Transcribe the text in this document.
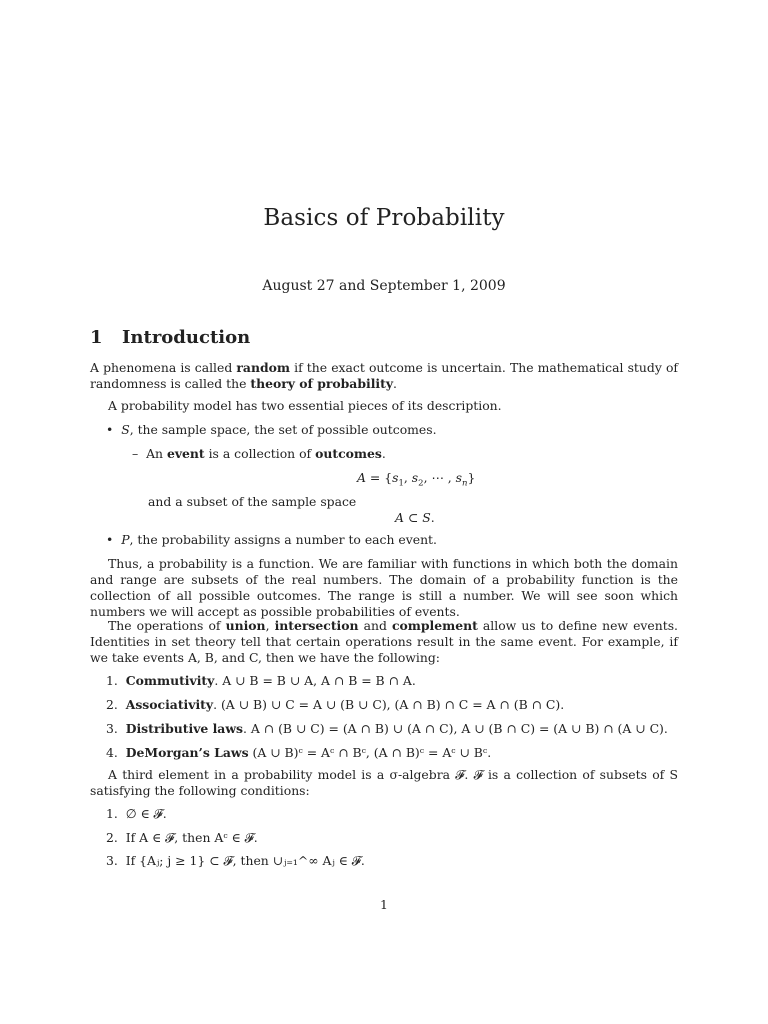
Basics of Probability
August 27 and September 1, 2009
1 Introduction
A phenomena is called random if the exact outcome is uncertain. The mathematical study of randomness is called the theory of probability.
A probability model has two essential pieces of its description.
•  S, the sample space, the set of possible outcomes.
–  An event is a collection of outcomes.
$A = \{s_1$, $s_2$, ⋯ , $s_n$}
and a subset of the sample space
A ⊂ S.
•  P, the probability assigns a number to each event.
Thus, a probability is a function. We are familiar with functions in which both the domain and range are subsets of the real numbers. The domain of a probability function is the collection of all possible outcomes. The range is still a number. We will see soon which numbers we will accept as possible probabilities of events.
The operations of union, intersection and complement allow us to define new events. Identities in set theory tell that certain operations result in the same event. For example, if we take events A, B, and C, then we have the following:
1. Commutivity. A ∪ B = B ∪ A, A ∩ B = B ∩ A.
2. Associativity. (A ∪ B) ∪ C = A ∪ (B ∪ C), (A ∩ B) ∩ C = A ∩ (B ∩ C).
3. Distributive laws. A ∩ (B ∪ C) = (A ∩ B) ∪ (A ∩ C), A ∪ (B ∩ C) = (A ∪ B) ∩ (A ∪ C).
4. DeMorgan’s Laws (A ∪ B)ᶜ = Aᶜ ∩ Bᶜ, (A ∩ B)ᶜ = Aᶜ ∪ Bᶜ.
A third element in a probability model is a σ-algebra 𝓕. 𝓕 is a collection of subsets of S satisfying the following conditions:
1. ∅ ∈ 𝓕.
2. If A ∈ 𝓕, then Aᶜ ∈ 𝓕.
3. If {Aⱼ; j ≥ 1} ⊂ 𝓕, then ∪ⱼ₌₁^∞ Aⱼ ∈ 𝓕.
1
